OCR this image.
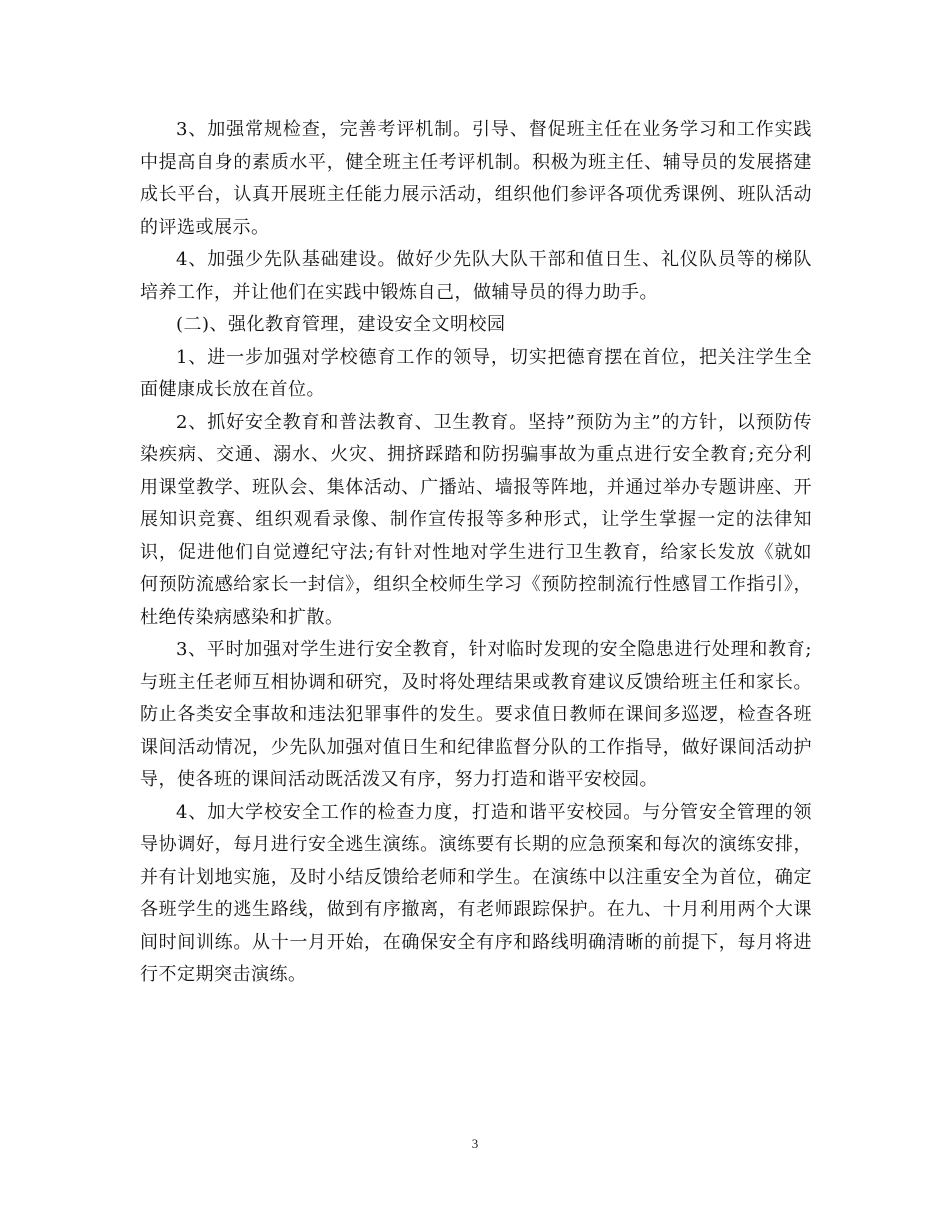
3、加强常规检查，完善考评机制。引导、督促班主任在业务学习和工作实践中提高自身的素质水平，健全班主任考评机制。积极为班主任、辅导员的发展搭建成长平台，认真开展班主任能力展示活动，组织他们参评各项优秀课例、班队活动的评选或展示。

4、加强少先队基础建设。做好少先队大队干部和值日生、礼仪队员等的梯队培养工作，并让他们在实践中锻炼自己，做辅导员的得力助手。

(二)、强化教育管理，建设安全文明校园

1、进一步加强对学校德育工作的领导，切实把德育摆在首位，把关注学生全面健康成长放在首位。

2、抓好安全教育和普法教育、卫生教育。坚持”预防为主”的方针，以预防传染疾病、交通、溺水、火灾、拥挤踩踏和防拐骗事故为重点进行安全教育;充分利用课堂教学、班队会、集体活动、广播站、墙报等阵地，并通过举办专题讲座、开展知识竞赛、组织观看录像、制作宣传报等多种形式，让学生掌握一定的法律知识，促进他们自觉遵纪守法;有针对性地对学生进行卫生教育，给家长发放《就如何预防流感给家长一封信》，组织全校师生学习《预防控制流行性感冒工作指引》，杜绝传染病感染和扩散。

3、平时加强对学生进行安全教育，针对临时发现的安全隐患进行处理和教育;与班主任老师互相协调和研究，及时将处理结果或教育建议反馈给班主任和家长。防止各类安全事故和违法犯罪事件的发生。要求值日教师在课间多巡逻，检查各班课间活动情况，少先队加强对值日生和纪律监督分队的工作指导，做好课间活动护导，使各班的课间活动既活泼又有序，努力打造和谐平安校园。

4、加大学校安全工作的检查力度，打造和谐平安校园。与分管安全管理的领导协调好，每月进行安全逃生演练。演练要有长期的应急预案和每次的演练安排，并有计划地实施，及时小结反馈给老师和学生。在演练中以注重安全为首位，确定各班学生的逃生路线，做到有序撤离，有老师跟踪保护。在九、十月利用两个大课间时间训练。从十一月开始，在确保安全有序和路线明确清晰的前提下，每月将进行不定期突击演练。

3
